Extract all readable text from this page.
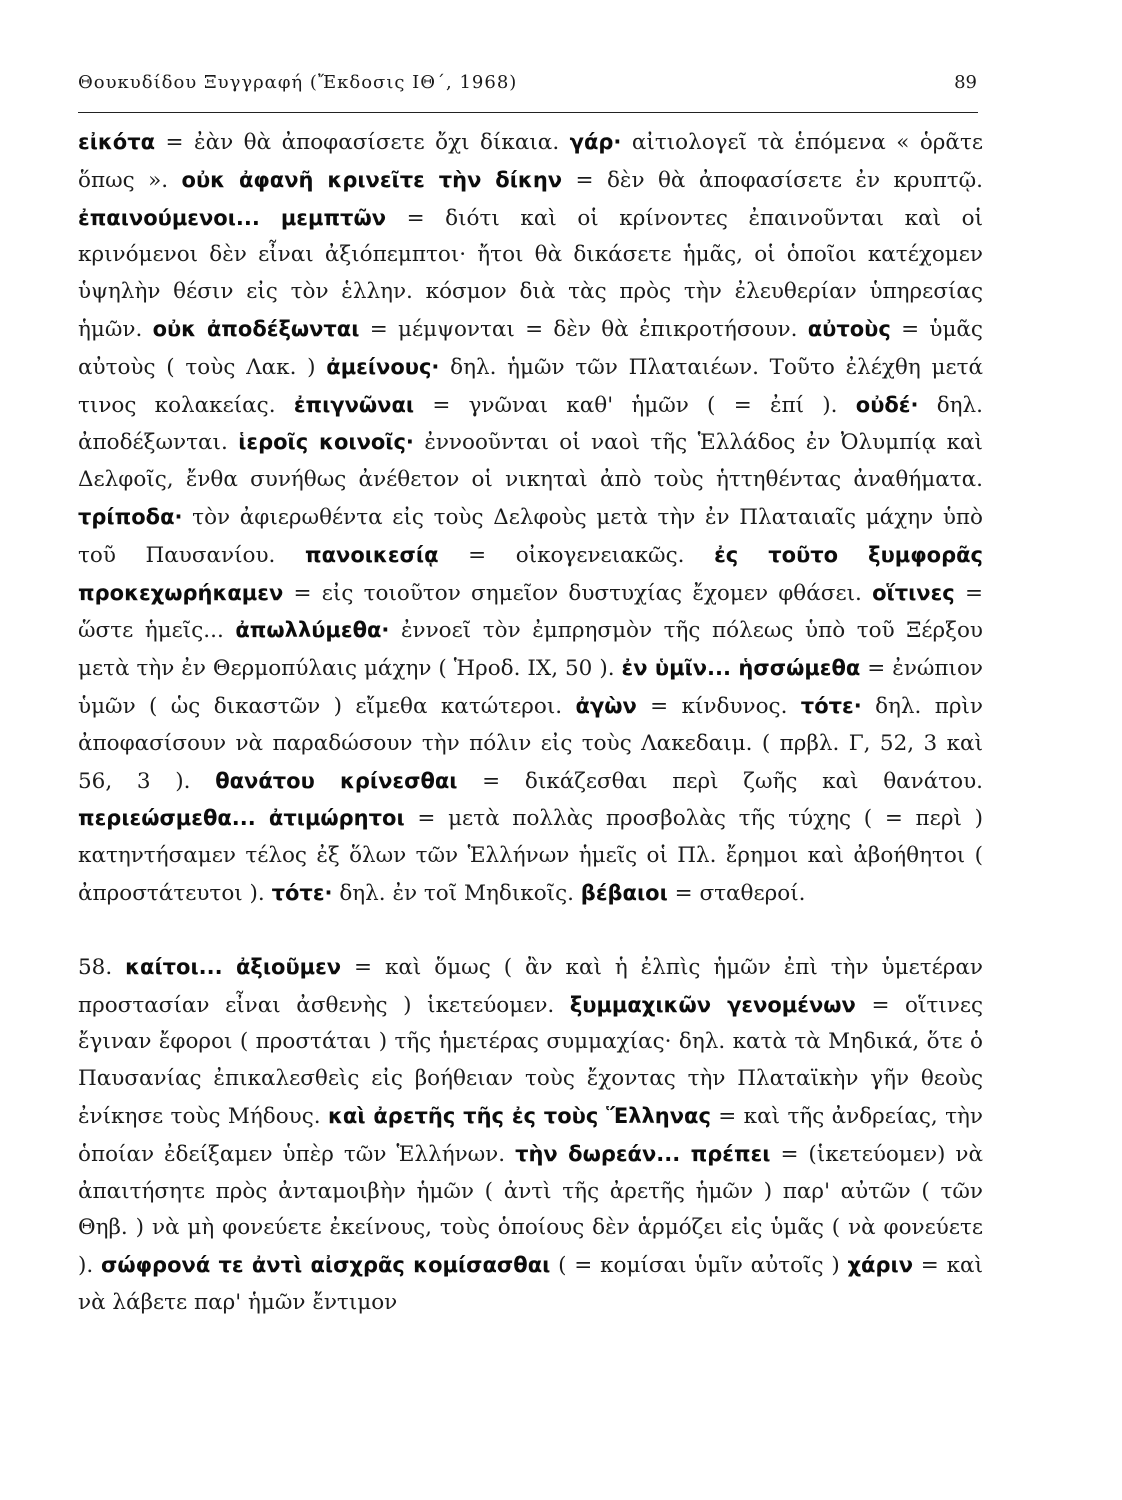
Θουκυδίδου Ξυγγραφή (Ἔκδοσις ΙΘ΄, 1968)	89

εἰκότα = ἐὰν θὰ ἀποφασίσετε ὄχι δίκαια. γάρ· αἰτιολογεῖ τὰ ἑπόμενα « ὁρᾶτε ὅπως ». οὐκ ἀφανῆ κρινεῖτε τὴν δίκην = δὲν θὰ ἀποφασίσετε ἐν κρυπτῷ. ἐπαινούμενοι... μεμπτῶν = διότι καὶ οἱ κρίνοντες ἐπαινοῦνται καὶ οἱ κρινόμενοι δὲν εἶναι ἀξιόπεμπτοι· ἤτοι θὰ δικάσετε ἡμᾶς, οἱ ὁποῖοι κατέχομεν ὑψηλὴν θέσιν εἰς τὸν ἑλλην. κόσμον διὰ τὰς πρὸς τὴν ἐλευθερίαν ὑπηρεσίας ἡμῶν. οὐκ ἀποδέξωνται = μέμψονται = δὲν θὰ ἐπικροτήσουν. αὐτοὺς = ὑμᾶς αὐτοὺς ( τοὺς Λακ. ) ἀμείνους· δηλ. ἡμῶν τῶν Πλαταιέων. Τοῦτο ἐλέχθη μετά τινος κολακείας. ἐπιγνῶναι = γνῶναι καθ' ἡμῶν ( = ἐπί ). οὐδέ· δηλ. ἀποδέξωνται. ἱεροῖς κοινοῖς· ἐννοοῦνται οἱ ναοὶ τῆς Ἑλλάδος ἐν Ὀλυμπίᾳ καὶ Δελφοῖς, ἔνθα συνήθως ἀνέθετον οἱ νικηταὶ ἀπὸ τοὺς ἡττηθέντας ἀναθήματα. τρίποδα· τὸν ἀφιερωθέντα εἰς τοὺς Δελφοὺς μετὰ τὴν ἐν Πλαταιαῖς μάχην ὑπὸ τοῦ Παυσανίου. πανοικεσίᾳ = οἰκογενειακῶς. ἐς τοῦτο ξυμφορᾶς προκεχωρήκαμεν = εἰς τοιοῦτον σημεῖον δυστυχίας ἔχομεν φθάσει. οἵτινες = ὥστε ἡμεῖς... ἀπωλλύμεθα· ἐννοεῖ τὸν ἐμπρησμὸν τῆς πόλεως ὑπὸ τοῦ Ξέρξου μετὰ τὴν ἐν Θερμοπύλαις μάχην ( Ἡροδ. IX, 50 ). ἐν ὑμῖν... ἡσσώμεθα = ἐνώπιον ὑμῶν ( ὡς δικαστῶν ) εἴμεθα κατώτεροι. ἀγὼν = κίνδυνος. τότε· δηλ. πρὶν ἀποφασίσουν νὰ παραδώσουν τὴν πόλιν εἰς τοὺς Λακεδαιμ. ( πρβλ. Γ, 52, 3 καὶ 56, 3 ). θανάτου κρίνεσθαι = δικάζεσθαι περὶ ζωῆς καὶ θανάτου. περιεώσμεθα... ἀτιμώρητοι = μετὰ πολλὰς προσβολὰς τῆς τύχης ( = περὶ ) κατηντήσαμεν τέλος ἐξ ὅλων τῶν Ἑλλήνων ἡμεῖς οἱ Πλ. ἔρημοι καὶ ἀβοήθητοι ( ἀπροστάτευτοι ). τότε· δηλ. ἐν τοῖ Μηδικοῖς. βέβαιοι = σταθεροί.

58. καίτοι... ἀξιοῦμεν = καὶ ὅμως ( ἂν καὶ ἡ ἐλπὶς ἡμῶν ἐπὶ τὴν ὑμετέραν προστασίαν εἶναι ἀσθενὴς ) ἱκετεύομεν. ξυμμαχικῶν γενομένων = οἵτινες ἔγιναν ἔφοροι ( προστάται ) τῆς ἡμετέρας συμμαχίας· δηλ. κατὰ τὰ Μηδικά, ὅτε ὁ Παυσανίας ἐπικαλεσθεὶς εἰς βοήθειαν τοὺς ἔχοντας τὴν Πλαταϊκὴν γῆν θεοὺς ἐνίκησε τοὺς Μήδους. καὶ ἀρετῆς τῆς ἐς τοὺς Ἕλληνας = καὶ τῆς ἀνδρείας, τὴν ὁποίαν ἐδείξαμεν ὑπὲρ τῶν Ἑλλήνων. τὴν δωρεάν... πρέπει = (ἱκετεύομεν) νὰ ἀπαιτήσητε πρὸς ἀνταμοιβὴν ἡμῶν ( ἀντὶ τῆς ἀρετῆς ἡμῶν ) παρ' αὐτῶν ( τῶν Θηβ. ) νὰ μὴ φονεύετε ἐκείνους, τοὺς ὁποίους δὲν ἁρμόζει εἰς ὑμᾶς ( νὰ φονεύετε ). σώφρονά τε ἀντὶ αἰσχρᾶς κομίσασθαι ( = κομίσαι ὑμῖν αὐτοῖς ) χάριν = καὶ νὰ λάβετε παρ' ἡμῶν ἔντιμον
